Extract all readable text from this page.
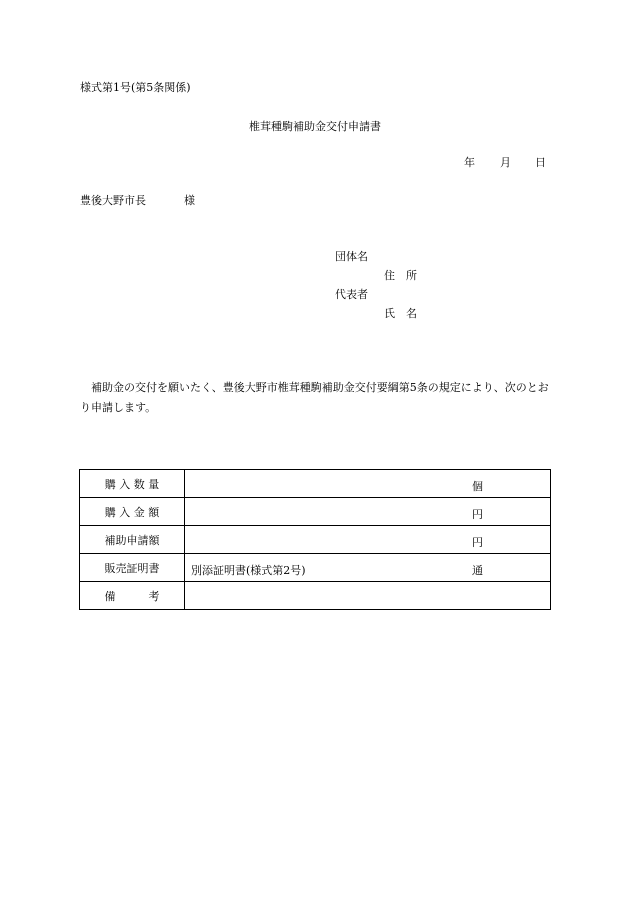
様式第1号(第5条関係)
椎茸種駒補助金交付申請書
年 月 日
豊後大野市長	様
団体名
住　所
代表者
氏　名
補助金の交付を願いたく、豊後大野市椎茸種駒補助金交付要綱第5条の規定により、次のとおり申請します。
購 入 数 量	個

購 入 金 額	円

補助申請額	円

販売証明書	別添証明書(様式第2号) 通

備　　　考	
